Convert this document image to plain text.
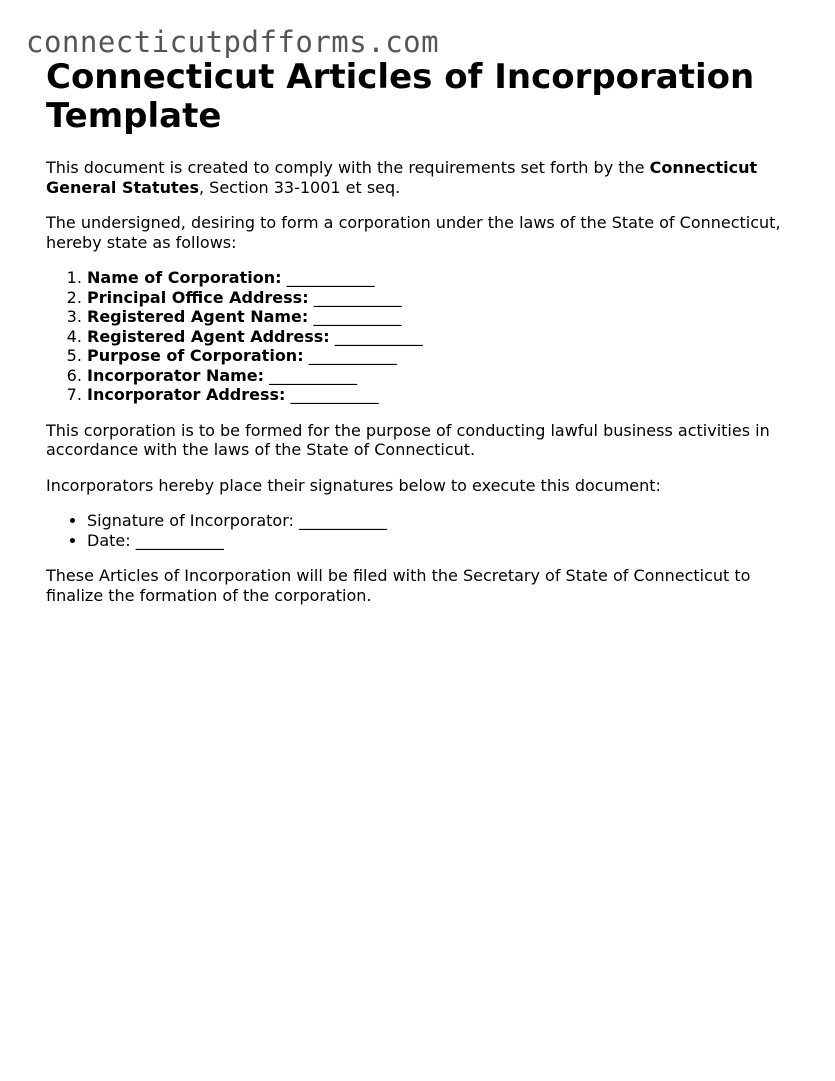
connecticutpdfforms.com
Connecticut Articles of Incorporation Template

This document is created to comply with the requirements set forth by the Connecticut General Statutes, Section 33-1001 et seq.

The undersigned, desiring to form a corporation under the laws of the State of Connecticut, hereby state as follows:

1. Name of Corporation: ___________
2. Principal Office Address: ___________
3. Registered Agent Name: ___________
4. Registered Agent Address: ___________
5. Purpose of Corporation: ___________
6. Incorporator Name: ___________
7. Incorporator Address: ___________

This corporation is to be formed for the purpose of conducting lawful business activities in accordance with the laws of the State of Connecticut.

Incorporators hereby place their signatures below to execute this document:

• Signature of Incorporator: ___________
• Date: ___________

These Articles of Incorporation will be filed with the Secretary of State of Connecticut to finalize the formation of the corporation.
